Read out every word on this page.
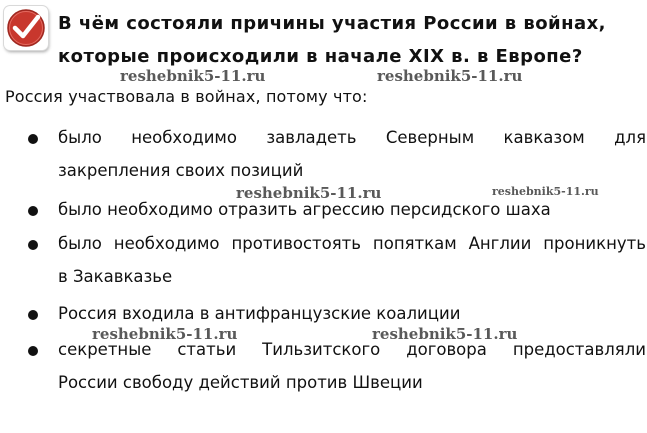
В чём состояли причины участия России в войнах,
которые происходили в начале XIX в. в Европе?
Россия участвовала в войнах, потому что:
было необходимо завладеть Северным кавказом для
закрепления своих позиций
было необходимо отразить агрессию персидского шаха
было необходимо противостоять попяткам Англии проникнуть
в Закавказье
Россия входила в антифранцузские коалиции
секретные статьи Тильзитского договора предоставляли
России свободу действий против Швеции
reshebnik5-11.ru	reshebnik5-11.ru
reshebnik5-11.ru	reshebnik5-11.ru
reshebnik5-11.ru	reshebnik5-11.ru
